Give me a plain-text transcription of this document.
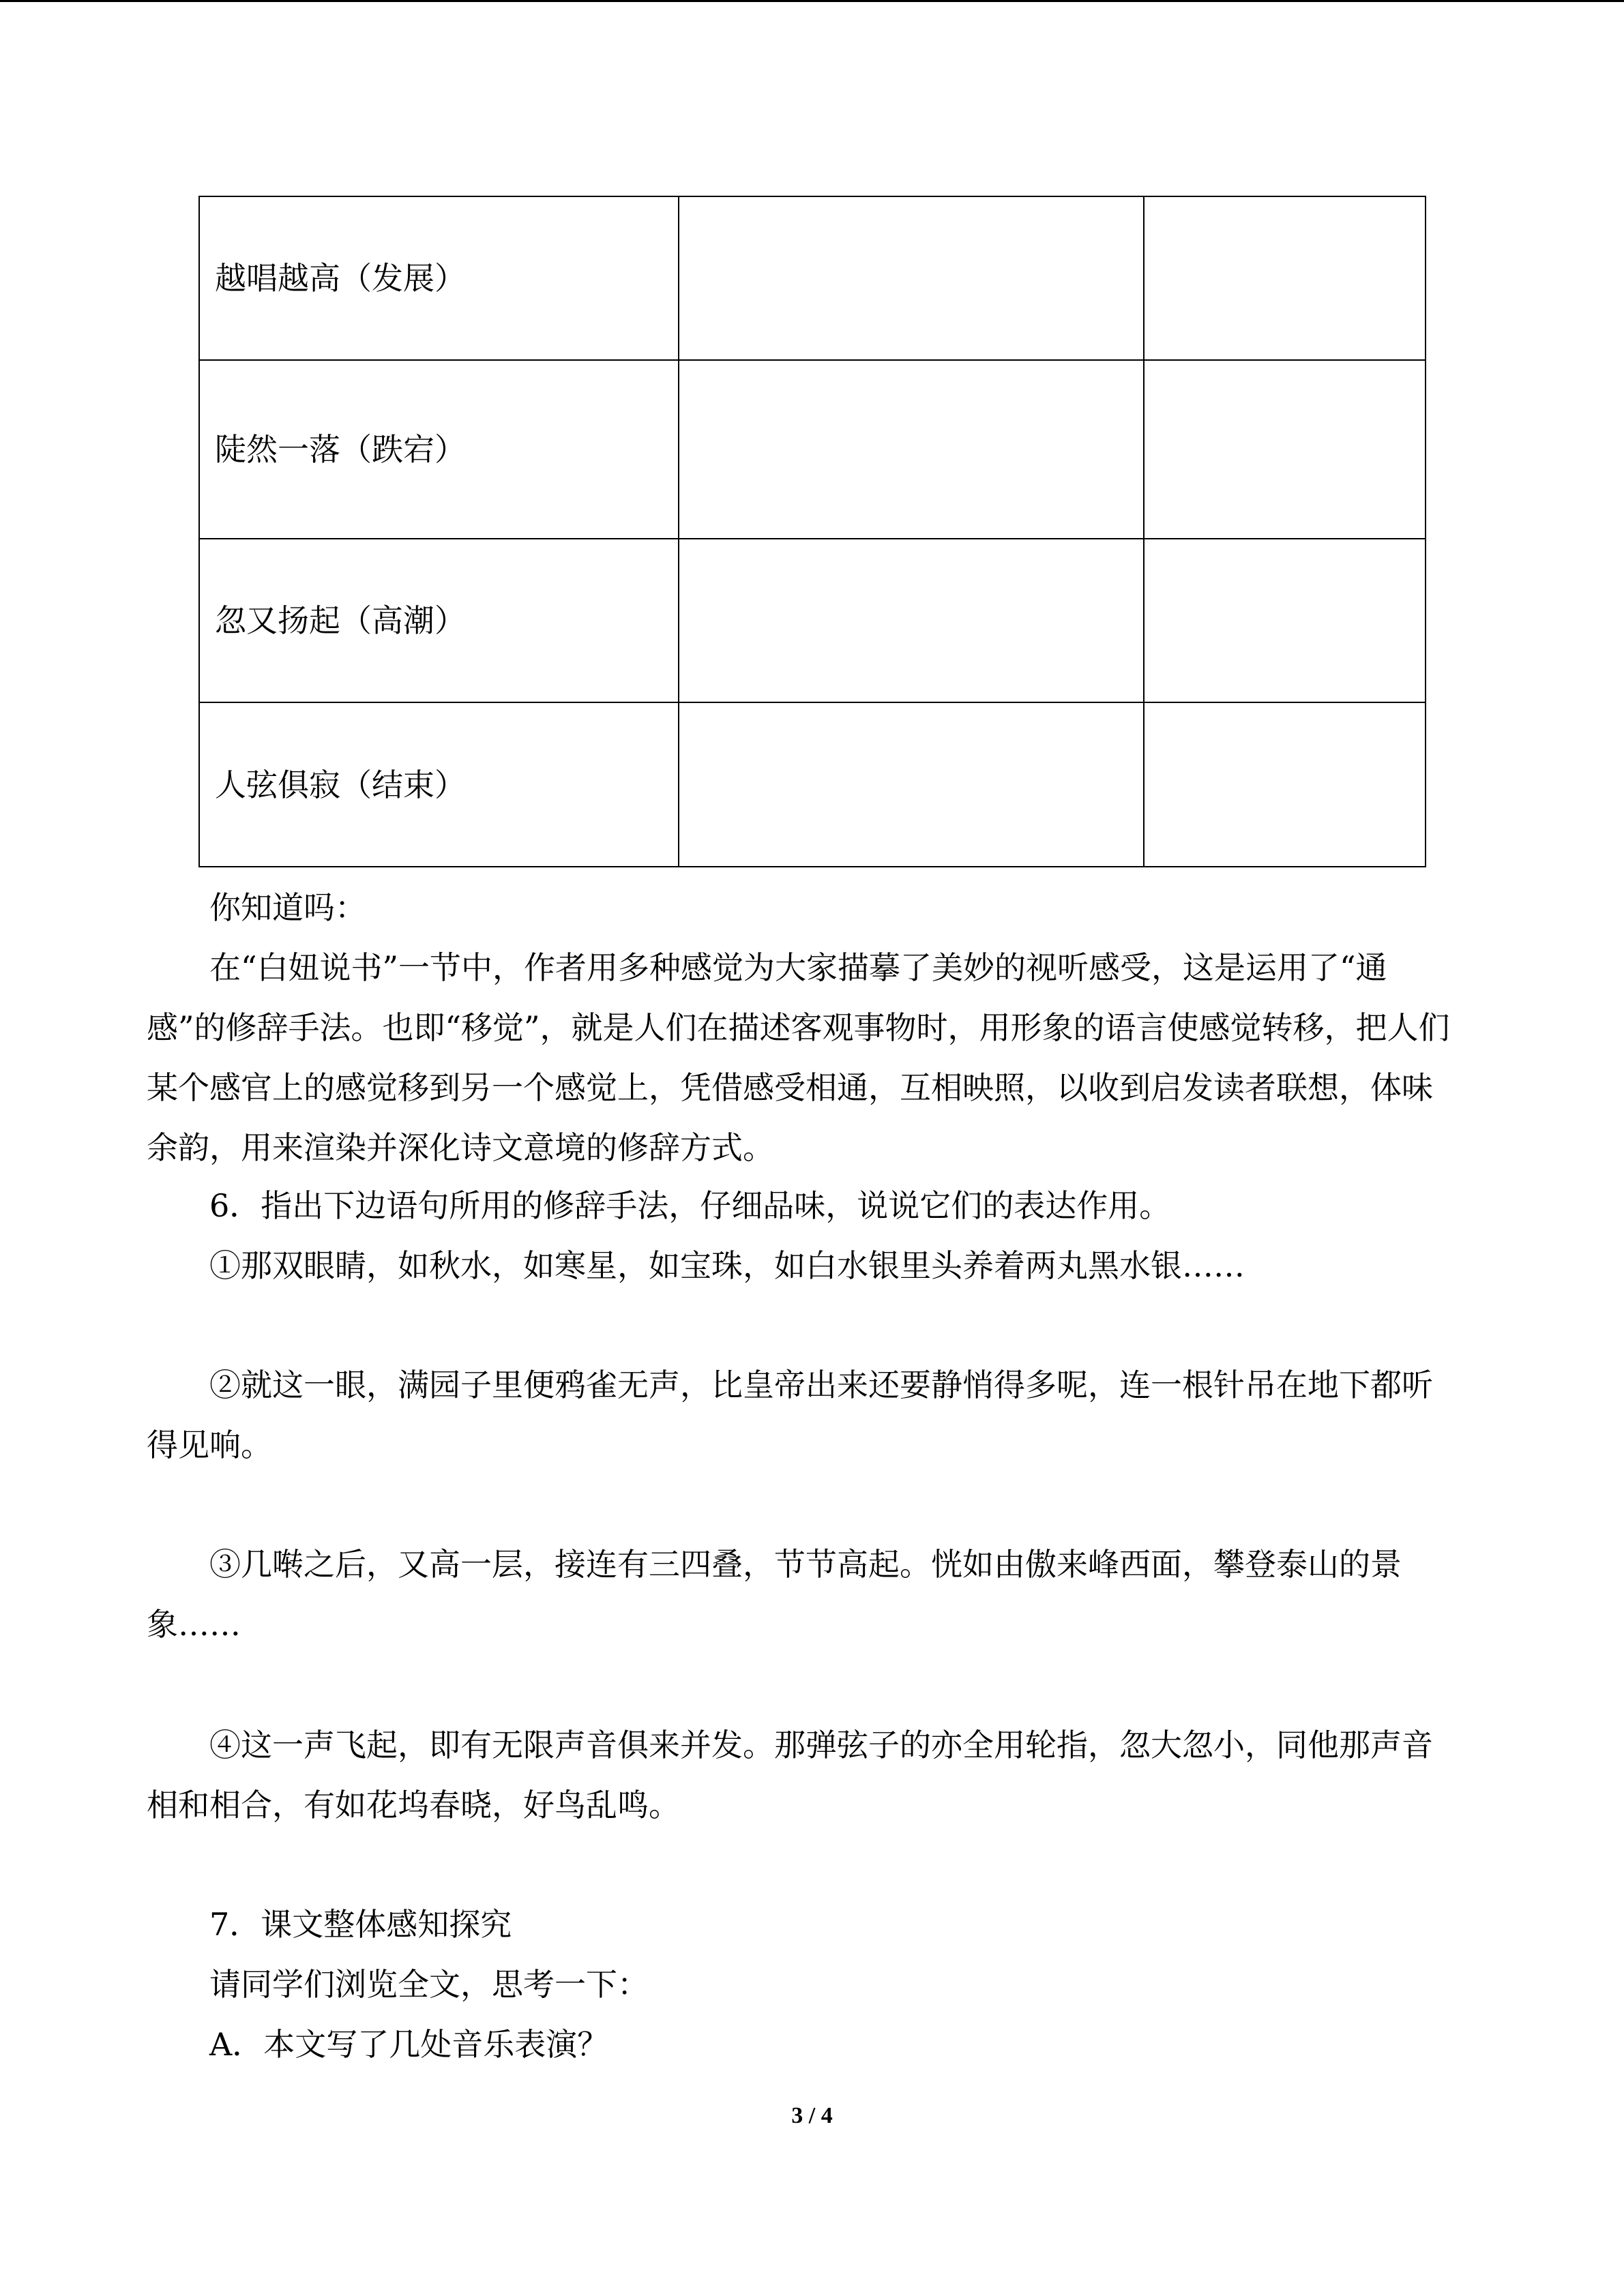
越唱越高（发展）		
陡然一落（跌宕）		
忽又扬起（高潮）		
人弦俱寂（结束）		

你知道吗：

在“白妞说书”一节中，作者用多种感觉为大家描摹了美妙的视听感受，这是运用了“通感”的修辞手法。也即“移觉”，就是人们在描述客观事物时，用形象的语言使感觉转移，把人们某个感官上的感觉移到另一个感觉上，凭借感受相通，互相映照，以收到启发读者联想，体味余韵，用来渲染并深化诗文意境的修辞方式。

6．指出下边语句所用的修辞手法，仔细品味，说说它们的表达作用。

①那双眼睛，如秋水，如寒星，如宝珠，如白水银里头养着两丸黑水银……

②就这一眼，满园子里便鸦雀无声，比皇帝出来还要静悄得多呢，连一根针吊在地下都听得见响。

③几啭之后，又高一层，接连有三四叠，节节高起。恍如由傲来峰西面，攀登泰山的景象……

④这一声飞起，即有无限声音俱来并发。那弹弦子的亦全用轮指，忽大忽小，同他那声音相和相合，有如花坞春晓，好鸟乱鸣。

7．课文整体感知探究

请同学们浏览全文，思考一下：

A．本文写了几处音乐表演？

3 / 4
